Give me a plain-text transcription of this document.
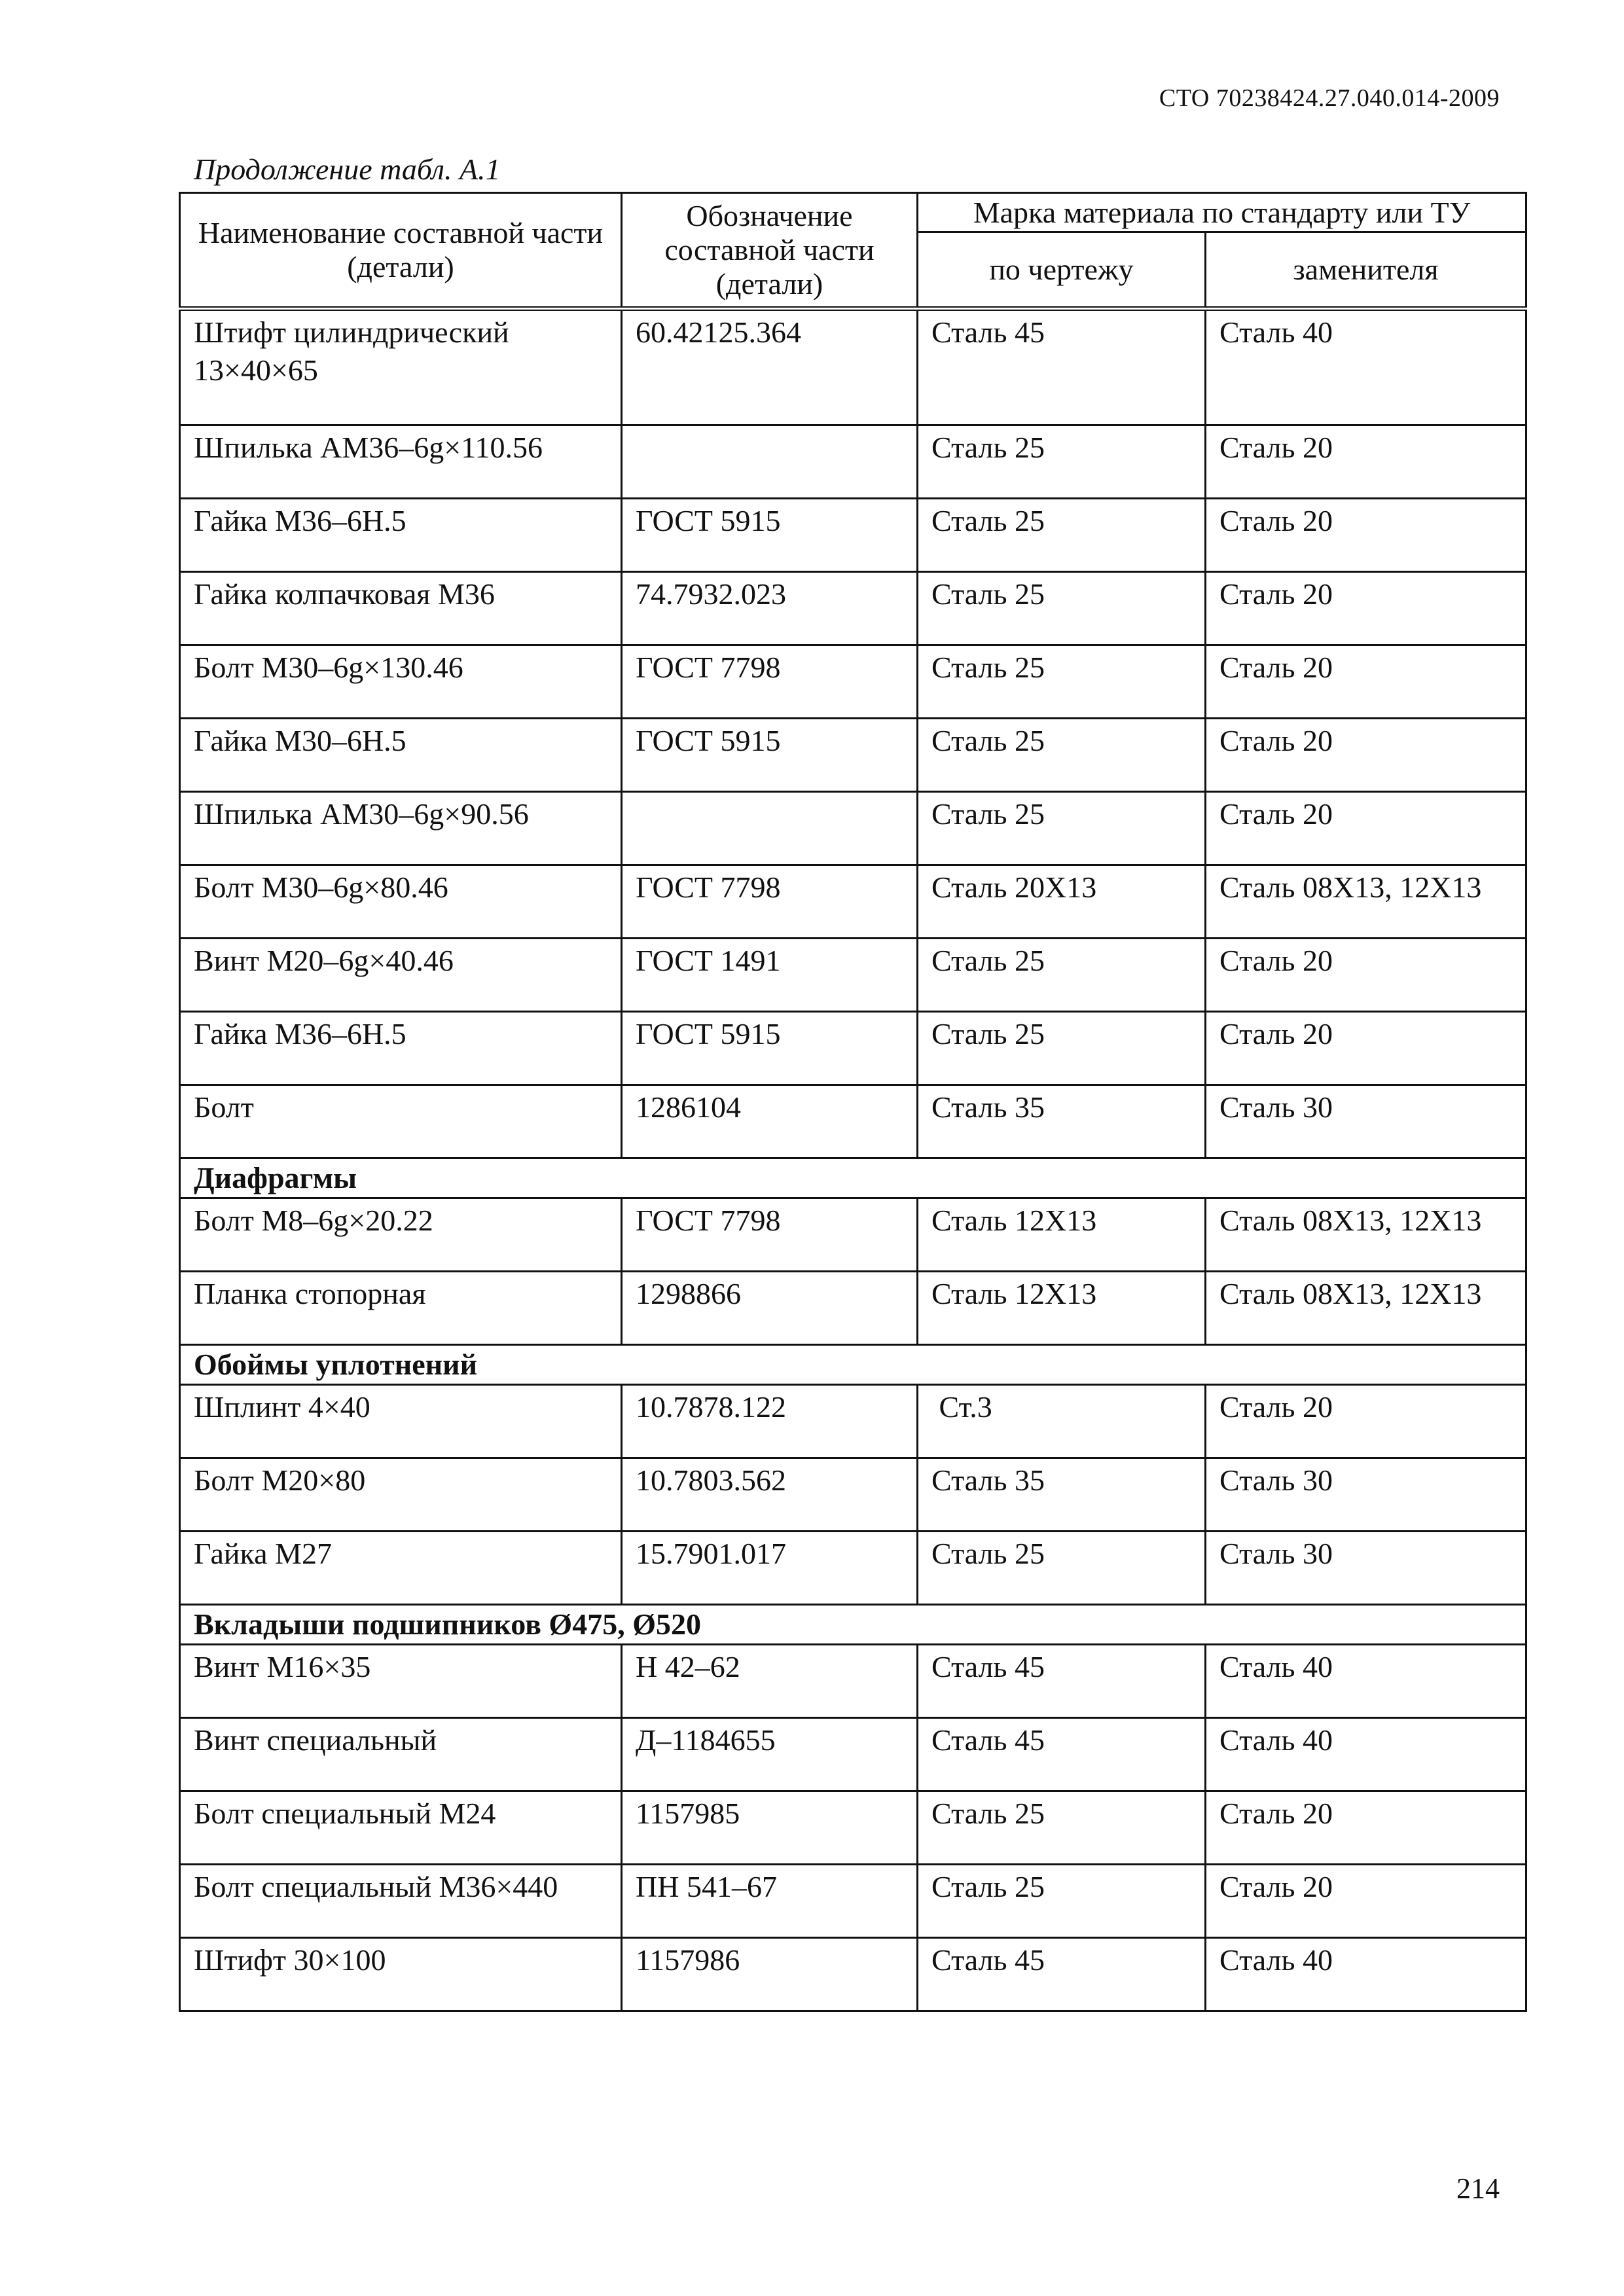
СТО 70238424.27.040.014-2009
Продолжение табл. А.1
Наименование составной части (детали)	Обозначение составной части (детали)	Марка материала по стандарту или ТУ	
		по чертежу	заменителя
Штифт цилиндрический 13×40×65	60.42125.364	Сталь 45	Сталь 40
Шпилька АМ36–6g×110.56		Сталь 25	Сталь 20
Гайка М36–6Н.5	ГОСТ 5915	Сталь 25	Сталь 20
Гайка колпачковая М36	74.7932.023	Сталь 25	Сталь 20
Болт М30–6g×130.46	ГОСТ 7798	Сталь 25	Сталь 20
Гайка М30–6Н.5	ГОСТ 5915	Сталь 25	Сталь 20
Шпилька АМ30–6g×90.56		Сталь 25	Сталь 20
Болт М30–6g×80.46	ГОСТ 7798	Сталь 20Х13	Сталь 08Х13, 12Х13
Винт М20–6g×40.46	ГОСТ 1491	Сталь 25	Сталь 20
Гайка М36–6Н.5	ГОСТ 5915	Сталь 25	Сталь 20
Болт	1286104	Сталь 35	Сталь 30
Диафрагмы			
Болт М8–6g×20.22	ГОСТ 7798	Сталь 12Х13	Сталь 08Х13, 12Х13
Планка стопорная	1298866	Сталь 12Х13	Сталь 08Х13, 12Х13
Обоймы уплотнений			
Шплинт 4×40	10.7878.122	Ст.3	Сталь 20
Болт М20×80	10.7803.562	Сталь 35	Сталь 30
Гайка М27	15.7901.017	Сталь 25	Сталь 30
Вкладыши подшипников Ø475, Ø520			
Винт М16×35	Н 42–62	Сталь 45	Сталь 40
Винт специальный	Д–1184655	Сталь 45	Сталь 40
Болт специальный М24	1157985	Сталь 25	Сталь 20
Болт специальный М36×440	ПН 541–67	Сталь 25	Сталь 20
Штифт 30×100	1157986	Сталь 45	Сталь 40
214
